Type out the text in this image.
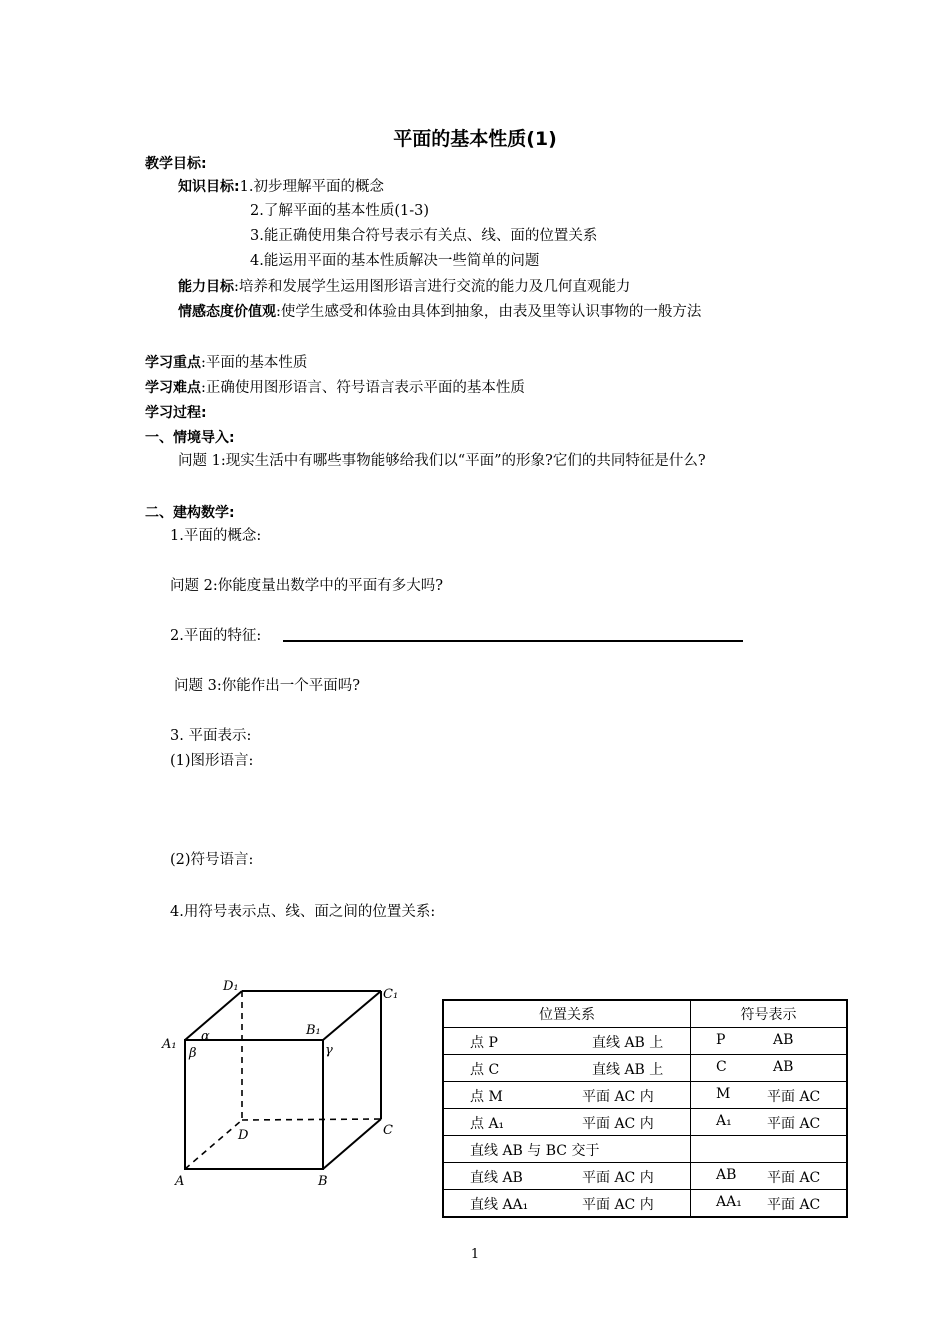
平面的基本性质(1)
教学目标:
知识目标:1.初步理解平面的概念
2.了解平面的基本性质(1-3)
3.能正确使用集合符号表示有关点、线、面的位置关系
4.能运用平面的基本性质解决一些简单的问题
能力目标:培养和发展学生运用图形语言进行交流的能力及几何直观能力
情感态度价值观:使学生感受和体验由具体到抽象，由表及里等认识事物的一般方法
学习重点:平面的基本性质
学习难点:正确使用图形语言、符号语言表示平面的基本性质
学习过程:
一、情境导入:
问题 1:现实生活中有哪些事物能够给我们以“平面”的形象?它们的共同特征是什么?
二、建构数学:
1.平面的概念:
问题 2:你能度量出数学中的平面有多大吗?
2.平面的特征:
问题 3:你能作出一个平面吗?
3. 平面表示:
(1)图形语言:
(2)符号语言:
4.用符号表示点、线、面之间的位置关系:
D₁
C₁
A₁
B₁
α
β	γ
D	C
A	B
位置关系	符号表示

点 P 直线 AB 上	P AB

点 C 直线 AB 上	C AB

点 M 平面 AC 内	M 平面 AC

点 A₁ 平面 AC 内	A₁ 平面 AC

直线 AB 与 BC 交于	

直线 AB 平面 AC 内	AB 平面 AC

直线 AA₁ 平面 AC 内	AA₁ 平面 AC
1
